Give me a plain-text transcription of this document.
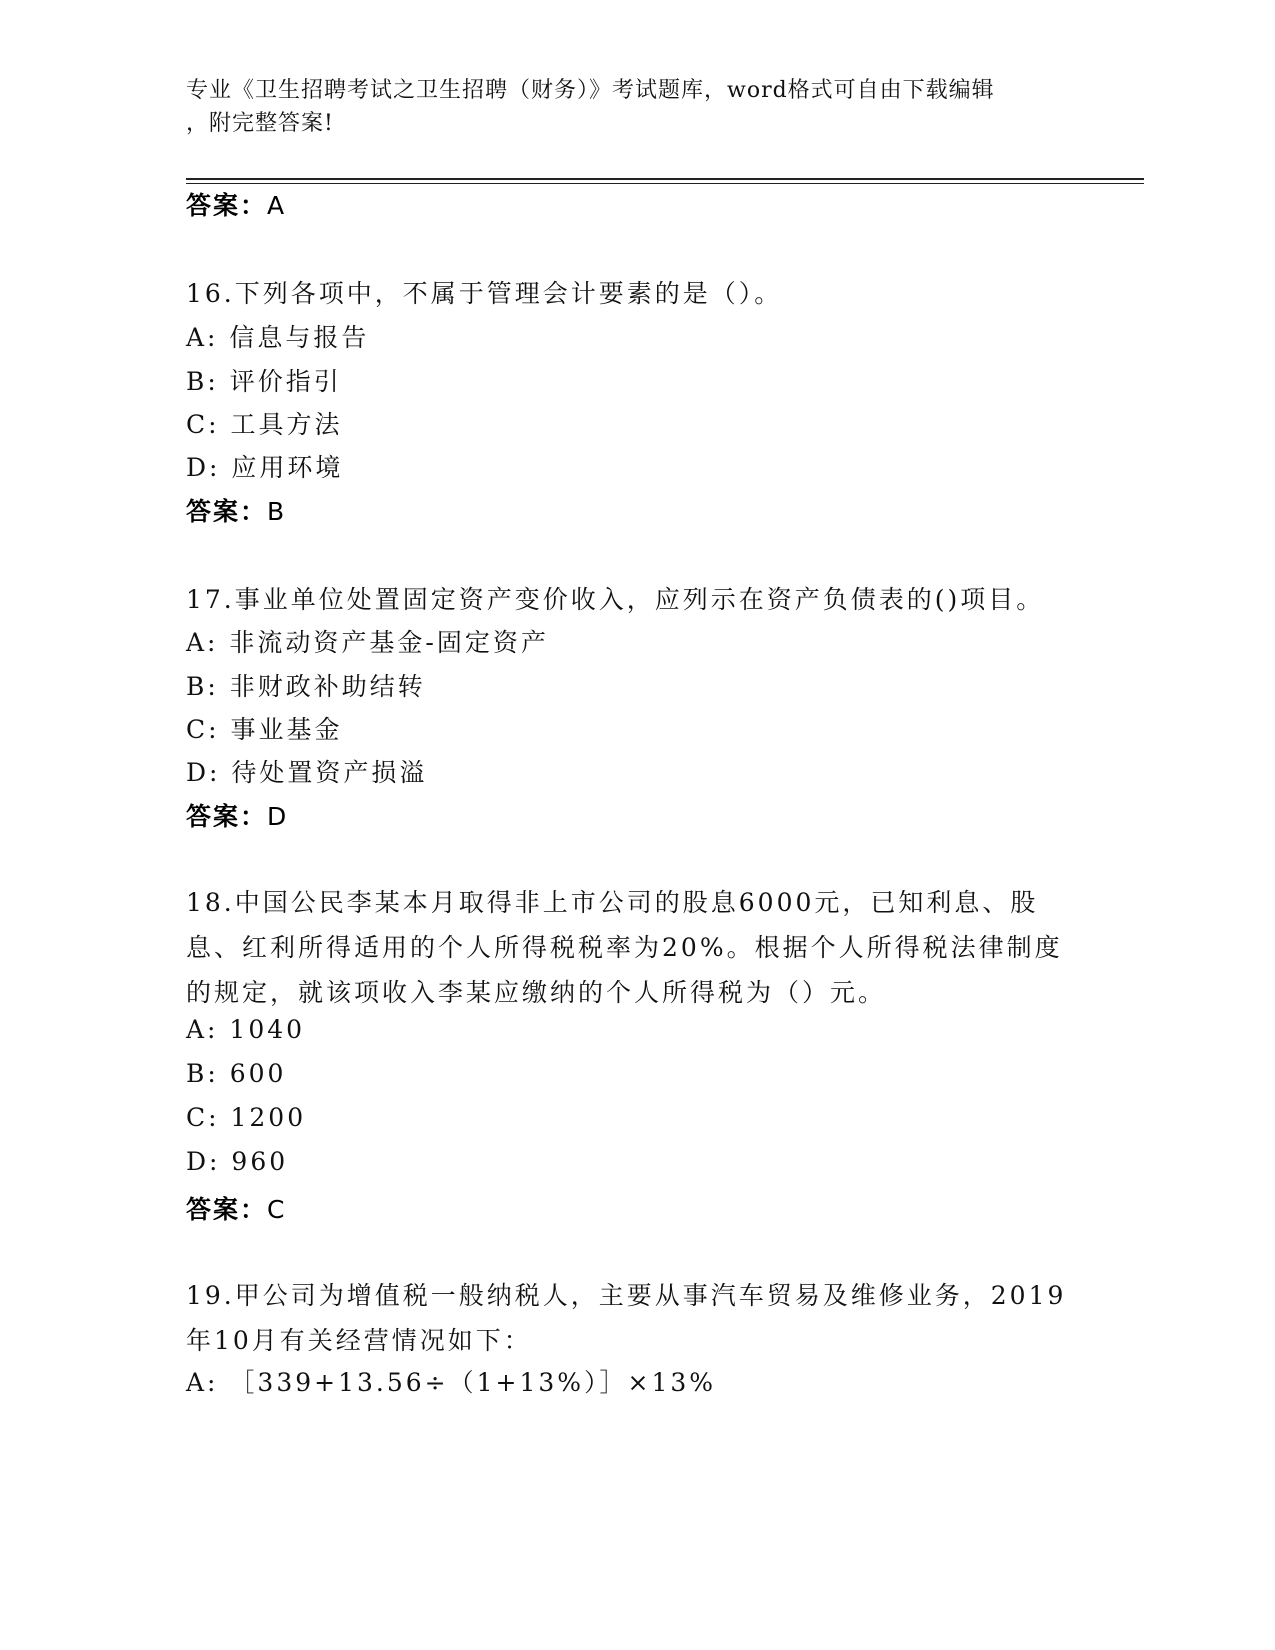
专业《卫生招聘考试之卫生招聘（财务）》考试题库，word格式可自由下载编辑
，附完整答案!
答案：A
16.下列各项中，不属于管理会计要素的是（）。
A: 信息与报告
B: 评价指引
C: 工具方法
D: 应用环境
答案：B
17.事业单位处置固定资产变价收入，应列示在资产负债表的()项目。
A: 非流动资产基金-固定资产
B: 非财政补助结转
C: 事业基金
D: 待处置资产损溢
答案：D
18.中国公民李某本月取得非上市公司的股息6000元，已知利息、股息、红利所得适用的个人所得税税率为20%。根据个人所得税法律制度的规定，就该项收入李某应缴纳的个人所得税为（）元。
A: 1040
B: 600
C: 1200
D: 960
答案：C
19.甲公司为增值税一般纳税人，主要从事汽车贸易及维修业务，2019年10月有关经营情况如下：
A: ［339+13.56÷（1+13%）］×13%
